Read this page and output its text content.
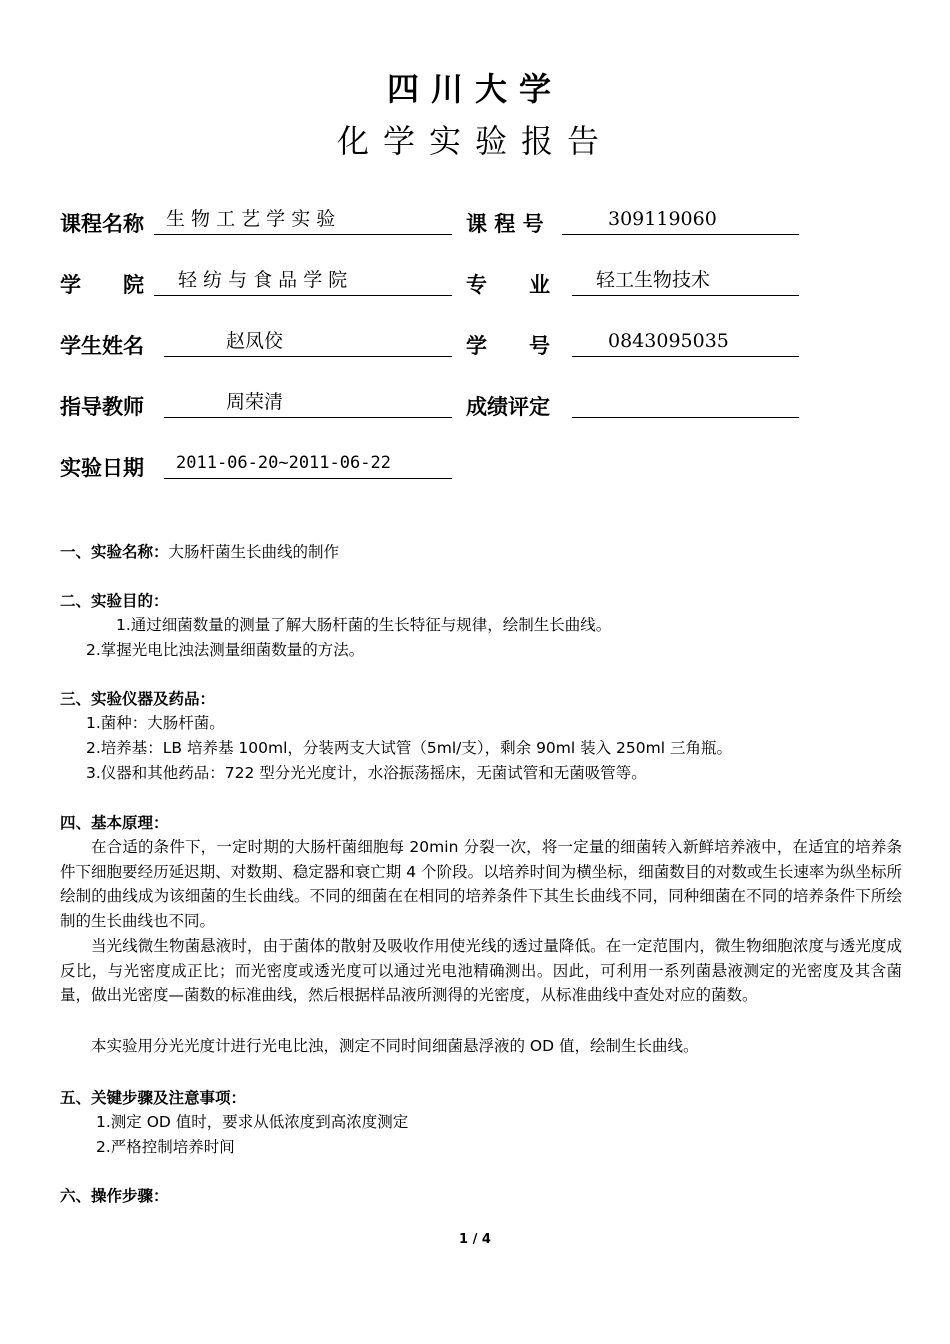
四川大学
化学实验报告
课程名称	生 物 工 艺 学 实 验	课 程 号	309119060
学　　院	轻 纺 与 食 品 学 院	专　　业	轻工生物技术
学生姓名	赵凤佼	学　　号	0843095035
指导教师	周荣清	成绩评定
实验日期	2011-06-20~2011-06-22
一、实验名称：大肠杆菌生长曲线的制作
二、实验目的：
1.通过细菌数量的测量了解大肠杆菌的生长特征与规律，绘制生长曲线。
2.掌握光电比浊法测量细菌数量的方法。
三、实验仪器及药品：
1.菌种：大肠杆菌。
2.培养基：LB 培养基 100ml，分装两支大试管（5ml/支），剩余 90ml 装入 250ml 三角瓶。
3.仪器和其他药品：722 型分光光度计，水浴振荡摇床，无菌试管和无菌吸管等。
四、基本原理：
在合适的条件下，一定时期的大肠杆菌细胞每 20min 分裂一次，将一定量的细菌转入新鲜培养液中，在适宜的培养条件下细胞要经历延迟期、对数期、稳定器和衰亡期 4 个阶段。以培养时间为横坐标，细菌数目的对数或生长速率为纵坐标所绘制的曲线成为该细菌的生长曲线。不同的细菌在在相同的培养条件下其生长曲线不同，同种细菌在不同的培养条件下所绘制的生长曲线也不同。
当光线微生物菌悬液时，由于菌体的散射及吸收作用使光线的透过量降低。在一定范围内，微生物细胞浓度与透光度成反比，与光密度成正比；而光密度或透光度可以通过光电池精确测出。因此，可利用一系列菌悬液测定的光密度及其含菌量，做出光密度—菌数的标准曲线，然后根据样品液所测得的光密度，从标准曲线中查处对应的菌数。
本实验用分光光度计进行光电比浊，测定不同时间细菌悬浮液的 OD 值，绘制生长曲线。
五、关键步骤及注意事项：
1.测定 OD 值时，要求从低浓度到高浓度测定
2.严格控制培养时间
六、操作步骤：
1 / 4
